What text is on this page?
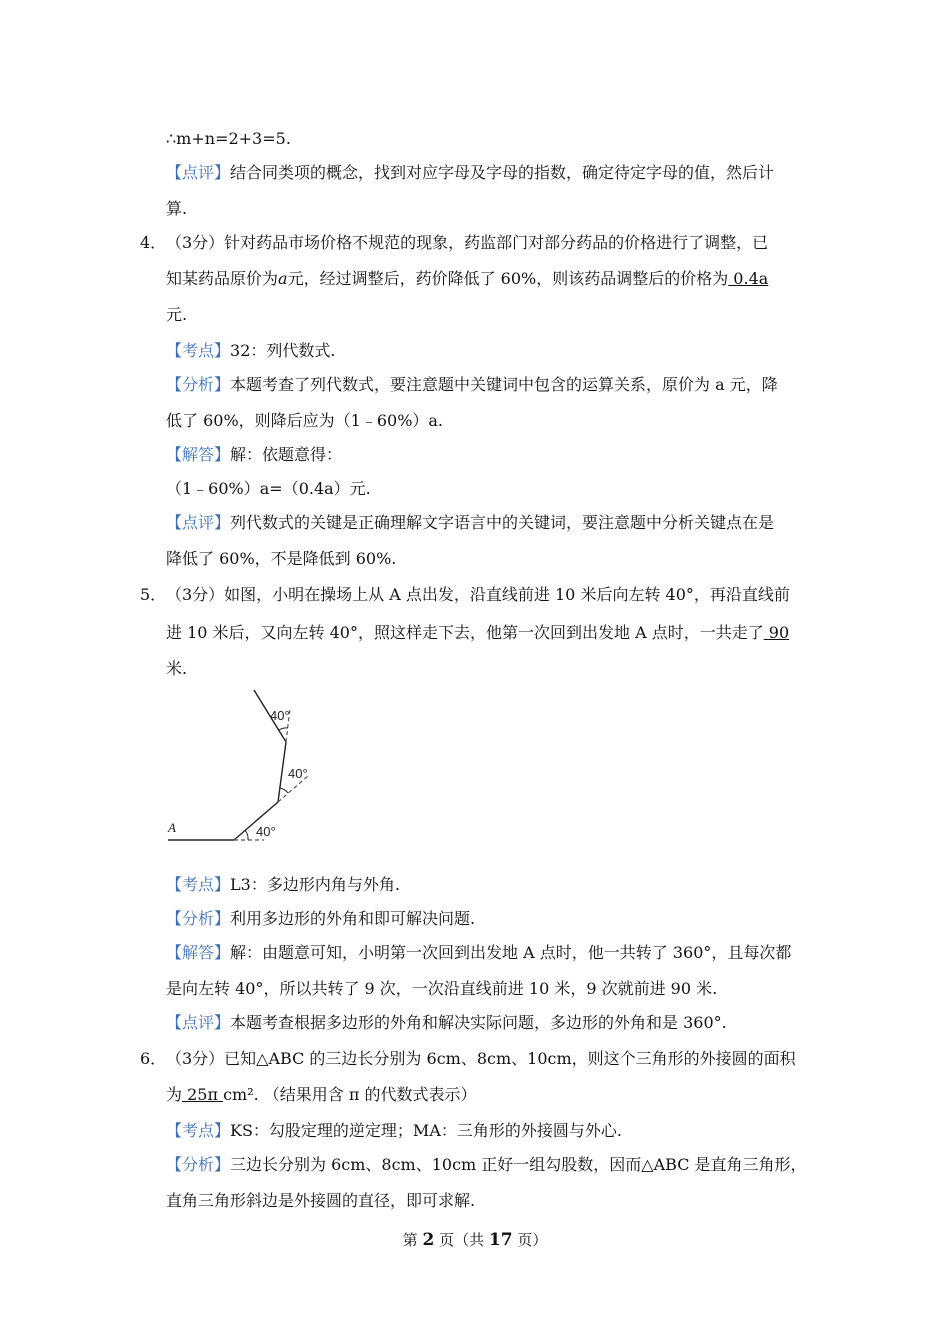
∴m+n=2+3=5.
【点评】结合同类项的概念，找到对应字母及字母的指数，确定待定字母的值，然后计
算.
4． （3分）针对药品市场价格不规范的现象，药监部门对部分药品的价格进行了调整，已
知某药品原价为a元，经过调整后，药价降低了 60%，则该药品调整后的价格为 0.4a
元.
【考点】32：列代数式.
【分析】本题考查了列代数式，要注意题中关键词中包含的运算关系，原价为 a 元，降
低了 60%，则降后应为（1﹣60%）a.
【解答】解：依题意得：
（1﹣60%）a=（0.4a）元.
【点评】列代数式的关键是正确理解文字语言中的关键词，要注意题中分析关键点在是
降低了 60%，不是降低到 60%.
5． （3分）如图，小明在操场上从 A 点出发，沿直线前进 10 米后向左转 40°，再沿直线前
进 10 米后，又向左转 40°，照这样走下去，他第一次回到出发地 A 点时，一共走了 90
米.
40°
40°
40°
A
【考点】L3：多边形内角与外角.
【分析】利用多边形的外角和即可解决问题.
【解答】解：由题意可知，小明第一次回到出发地 A 点时，他一共转了 360°，且每次都
是向左转 40°，所以共转了 9 次，一次沿直线前进 10 米，9 次就前进 90 米.
【点评】本题考查根据多边形的外角和解决实际问题，多边形的外角和是 360°.
6． （3分）已知△ABC 的三边长分别为 6cm、8cm、10cm，则这个三角形的外接圆的面积
为 25π cm². （结果用含 π 的代数式表示）
【考点】KS：勾股定理的逆定理；MA：三角形的外接圆与外心.
【分析】三边长分别为 6cm、8cm、10cm 正好一组勾股数，因而△ABC 是直角三角形，
直角三角形斜边是外接圆的直径，即可求解.
第 2 页（共 17 页）
